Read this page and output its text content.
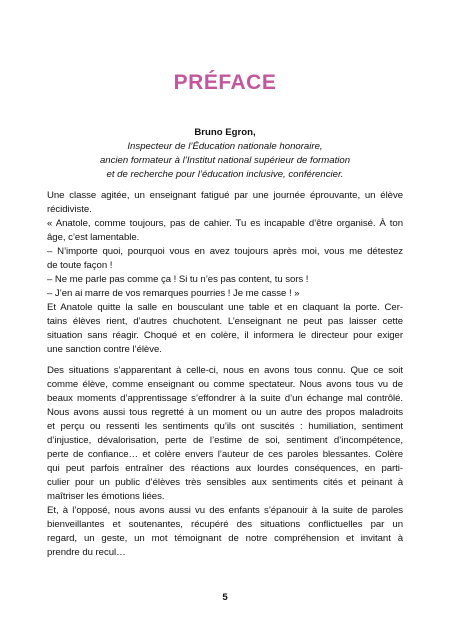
PRÉFACE
Bruno Egron,
Inspecteur de l’Éducation nationale honoraire,
ancien formateur à l’Institut national supérieur de formation
et de recherche pour l’éducation inclusive, conférencier.
Une classe agitée, un enseignant fatigué par une journée éprouvante, un élève
récidiviste.
« Anatole, comme toujours, pas de cahier. Tu es incapable d’être organisé. À ton
âge, c’est lamentable.
– N’importe quoi, pourquoi vous en avez toujours après moi, vous me détestez
de toute façon !
– Ne me parle pas comme ça ! Si tu n’es pas content, tu sors !
– J’en ai marre de vos remarques pourries ! Je me casse ! »
Et Anatole quitte la salle en bousculant une table et en claquant la porte. Cer-
tains élèves rient, d’autres chuchotent. L’enseignant ne peut pas laisser cette
situation sans réagir. Choqué et en colère, il informera le directeur pour exiger
une sanction contre l’élève.
Des situations s’apparentant à celle-ci, nous en avons tous connu. Que ce soit
comme élève, comme enseignant ou comme spectateur. Nous avons tous vu de
beaux moments d’apprentissage s’effondrer à la suite d’un échange mal contrôlé.
Nous avons aussi tous regretté à un moment ou un autre des propos maladroits
et perçu ou ressenti les sentiments qu’ils ont suscités : humiliation, sentiment
d’injustice, dévalorisation, perte de l’estime de soi, sentiment d’incompétence,
perte de confiance… et colère envers l’auteur de ces paroles blessantes. Colère
qui peut parfois entraîner des réactions aux lourdes conséquences, en parti-
culier pour un public d’élèves très sensibles aux sentiments cités et peinant à
maîtriser les émotions liées.
Et, à l’opposé, nous avons aussi vu des enfants s’épanouir à la suite de paroles
bienveillantes et soutenantes, récupéré des situations conflictuelles par un
regard, un geste, un mot témoignant de notre compréhension et invitant à
prendre du recul…
5
